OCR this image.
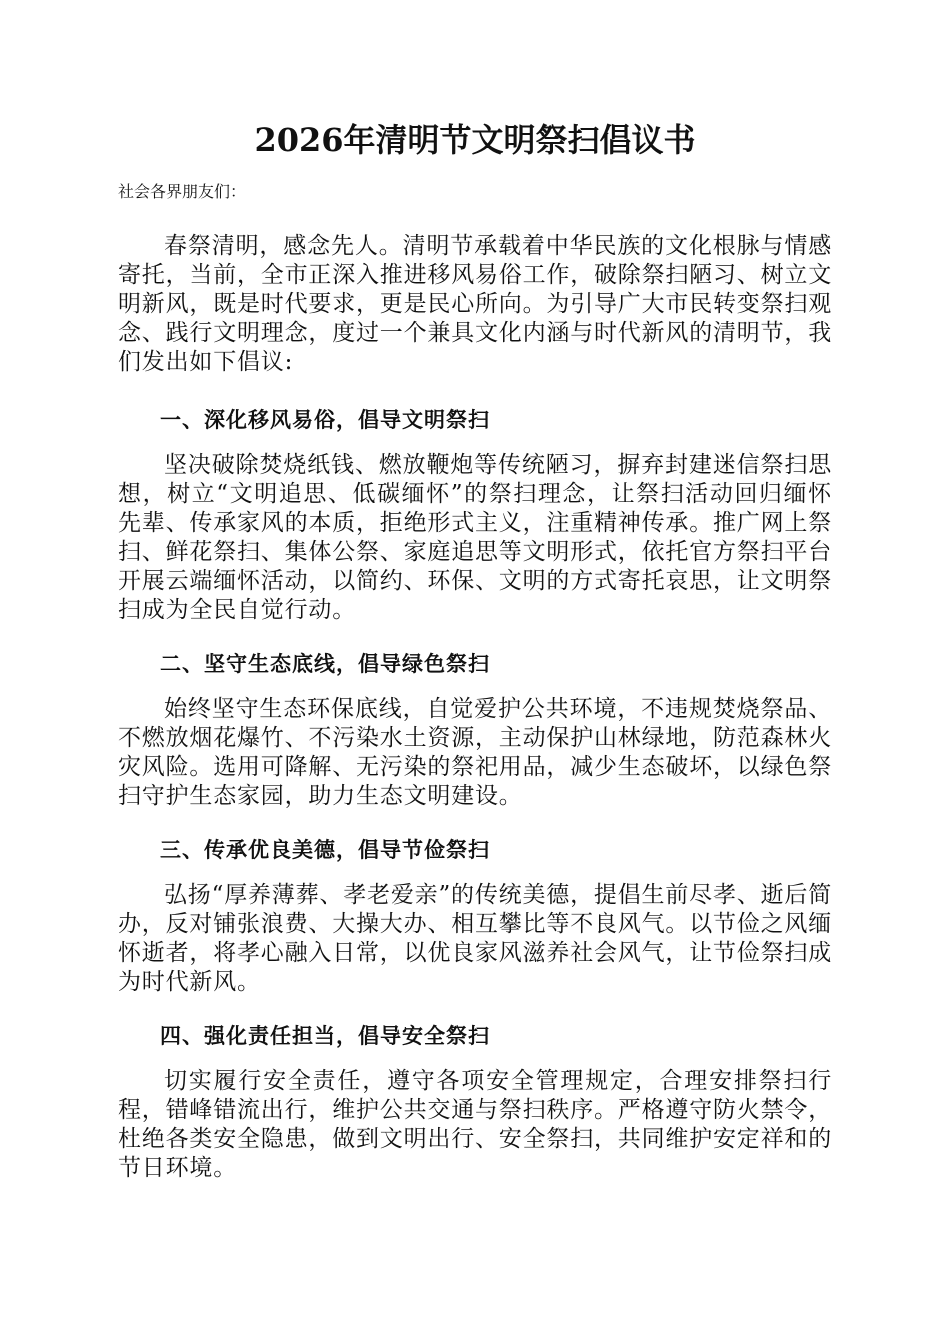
2026年清明节文明祭扫倡议书

社会各界朋友们：

春祭清明，感念先人。清明节承载着中华民族的文化根脉与情感寄托，当前，全市正深入推进移风易俗工作，破除祭扫陋习、树立文明新风，既是时代要求，更是民心所向。为引导广大市民转变祭扫观念、践行文明理念，度过一个兼具文化内涵与时代新风的清明节，我们发出如下倡议:

一、深化移风易俗，倡导文明祭扫

坚决破除焚烧纸钱、燃放鞭炮等传统陋习，摒弃封建迷信祭扫思想，树立“文明追思、低碳缅怀”的祭扫理念，让祭扫活动回归缅怀先辈、传承家风的本质，拒绝形式主义，注重精神传承。推广网上祭扫、鲜花祭扫、集体公祭、家庭追思等文明形式，依托官方祭扫平台开展云端缅怀活动，以简约、环保、文明的方式寄托哀思，让文明祭扫成为全民自觉行动。

二、坚守生态底线，倡导绿色祭扫

始终坚守生态环保底线，自觉爱护公共环境，不违规焚烧祭品、不燃放烟花爆竹、不污染水土资源，主动保护山林绿地，防范森林火灾风险。选用可降解、无污染的祭祀用品，减少生态破坏，以绿色祭扫守护生态家园，助力生态文明建设。

三、传承优良美德，倡导节俭祭扫

弘扬“厚养薄葬、孝老爱亲”的传统美德，提倡生前尽孝、逝后简办，反对铺张浪费、大操大办、相互攀比等不良风气。以节俭之风缅怀逝者，将孝心融入日常，以优良家风滋养社会风气，让节俭祭扫成为时代新风。

四、强化责任担当，倡导安全祭扫

切实履行安全责任，遵守各项安全管理规定，合理安排祭扫行程，错峰错流出行，维护公共交通与祭扫秩序。严格遵守防火禁令，杜绝各类安全隐患，做到文明出行、安全祭扫，共同维护安定祥和的节日环境。
